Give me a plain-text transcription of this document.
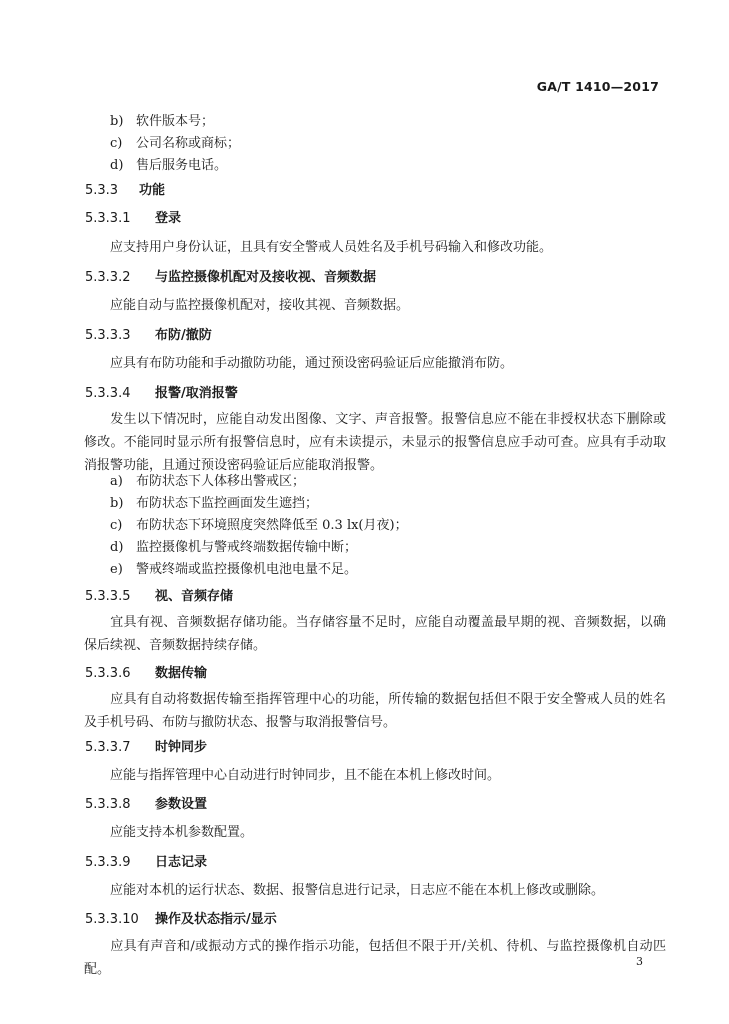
GA/T 1410—2017
b) 软件版本号；
c) 公司名称或商标；
d) 售后服务电话。
5.3.3 功能
5.3.3.1 登录
应支持用户身份认证，且具有安全警戒人员姓名及手机号码输入和修改功能。
5.3.3.2 与监控摄像机配对及接收视、音频数据
应能自动与监控摄像机配对，接收其视、音频数据。
5.3.3.3 布防/撤防
应具有布防功能和手动撤防功能，通过预设密码验证后应能撤消布防。
5.3.3.4 报警/取消报警
发生以下情况时，应能自动发出图像、文字、声音报警。报警信息应不能在非授权状态下删除或修改。不能同时显示所有报警信息时，应有未读提示，未显示的报警信息应手动可查。应具有手动取消报警功能，且通过预设密码验证后应能取消报警。
a) 布防状态下人体移出警戒区；
b) 布防状态下监控画面发生遮挡；
c) 布防状态下环境照度突然降低至 0.3 lx(月夜)；
d) 监控摄像机与警戒终端数据传输中断；
e) 警戒终端或监控摄像机电池电量不足。
5.3.3.5 视、音频存储
宜具有视、音频数据存储功能。当存储容量不足时，应能自动覆盖最早期的视、音频数据，以确保后续视、音频数据持续存储。
5.3.3.6 数据传输
应具有自动将数据传输至指挥管理中心的功能，所传输的数据包括但不限于安全警戒人员的姓名及手机号码、布防与撤防状态、报警与取消报警信号。
5.3.3.7 时钟同步
应能与指挥管理中心自动进行时钟同步，且不能在本机上修改时间。
5.3.3.8 参数设置
应能支持本机参数配置。
5.3.3.9 日志记录
应能对本机的运行状态、数据、报警信息进行记录，日志应不能在本机上修改或删除。
5.3.3.10 操作及状态指示/显示
应具有声音和/或振动方式的操作指示功能，包括但不限于开/关机、待机、与监控摄像机自动匹配。
3
